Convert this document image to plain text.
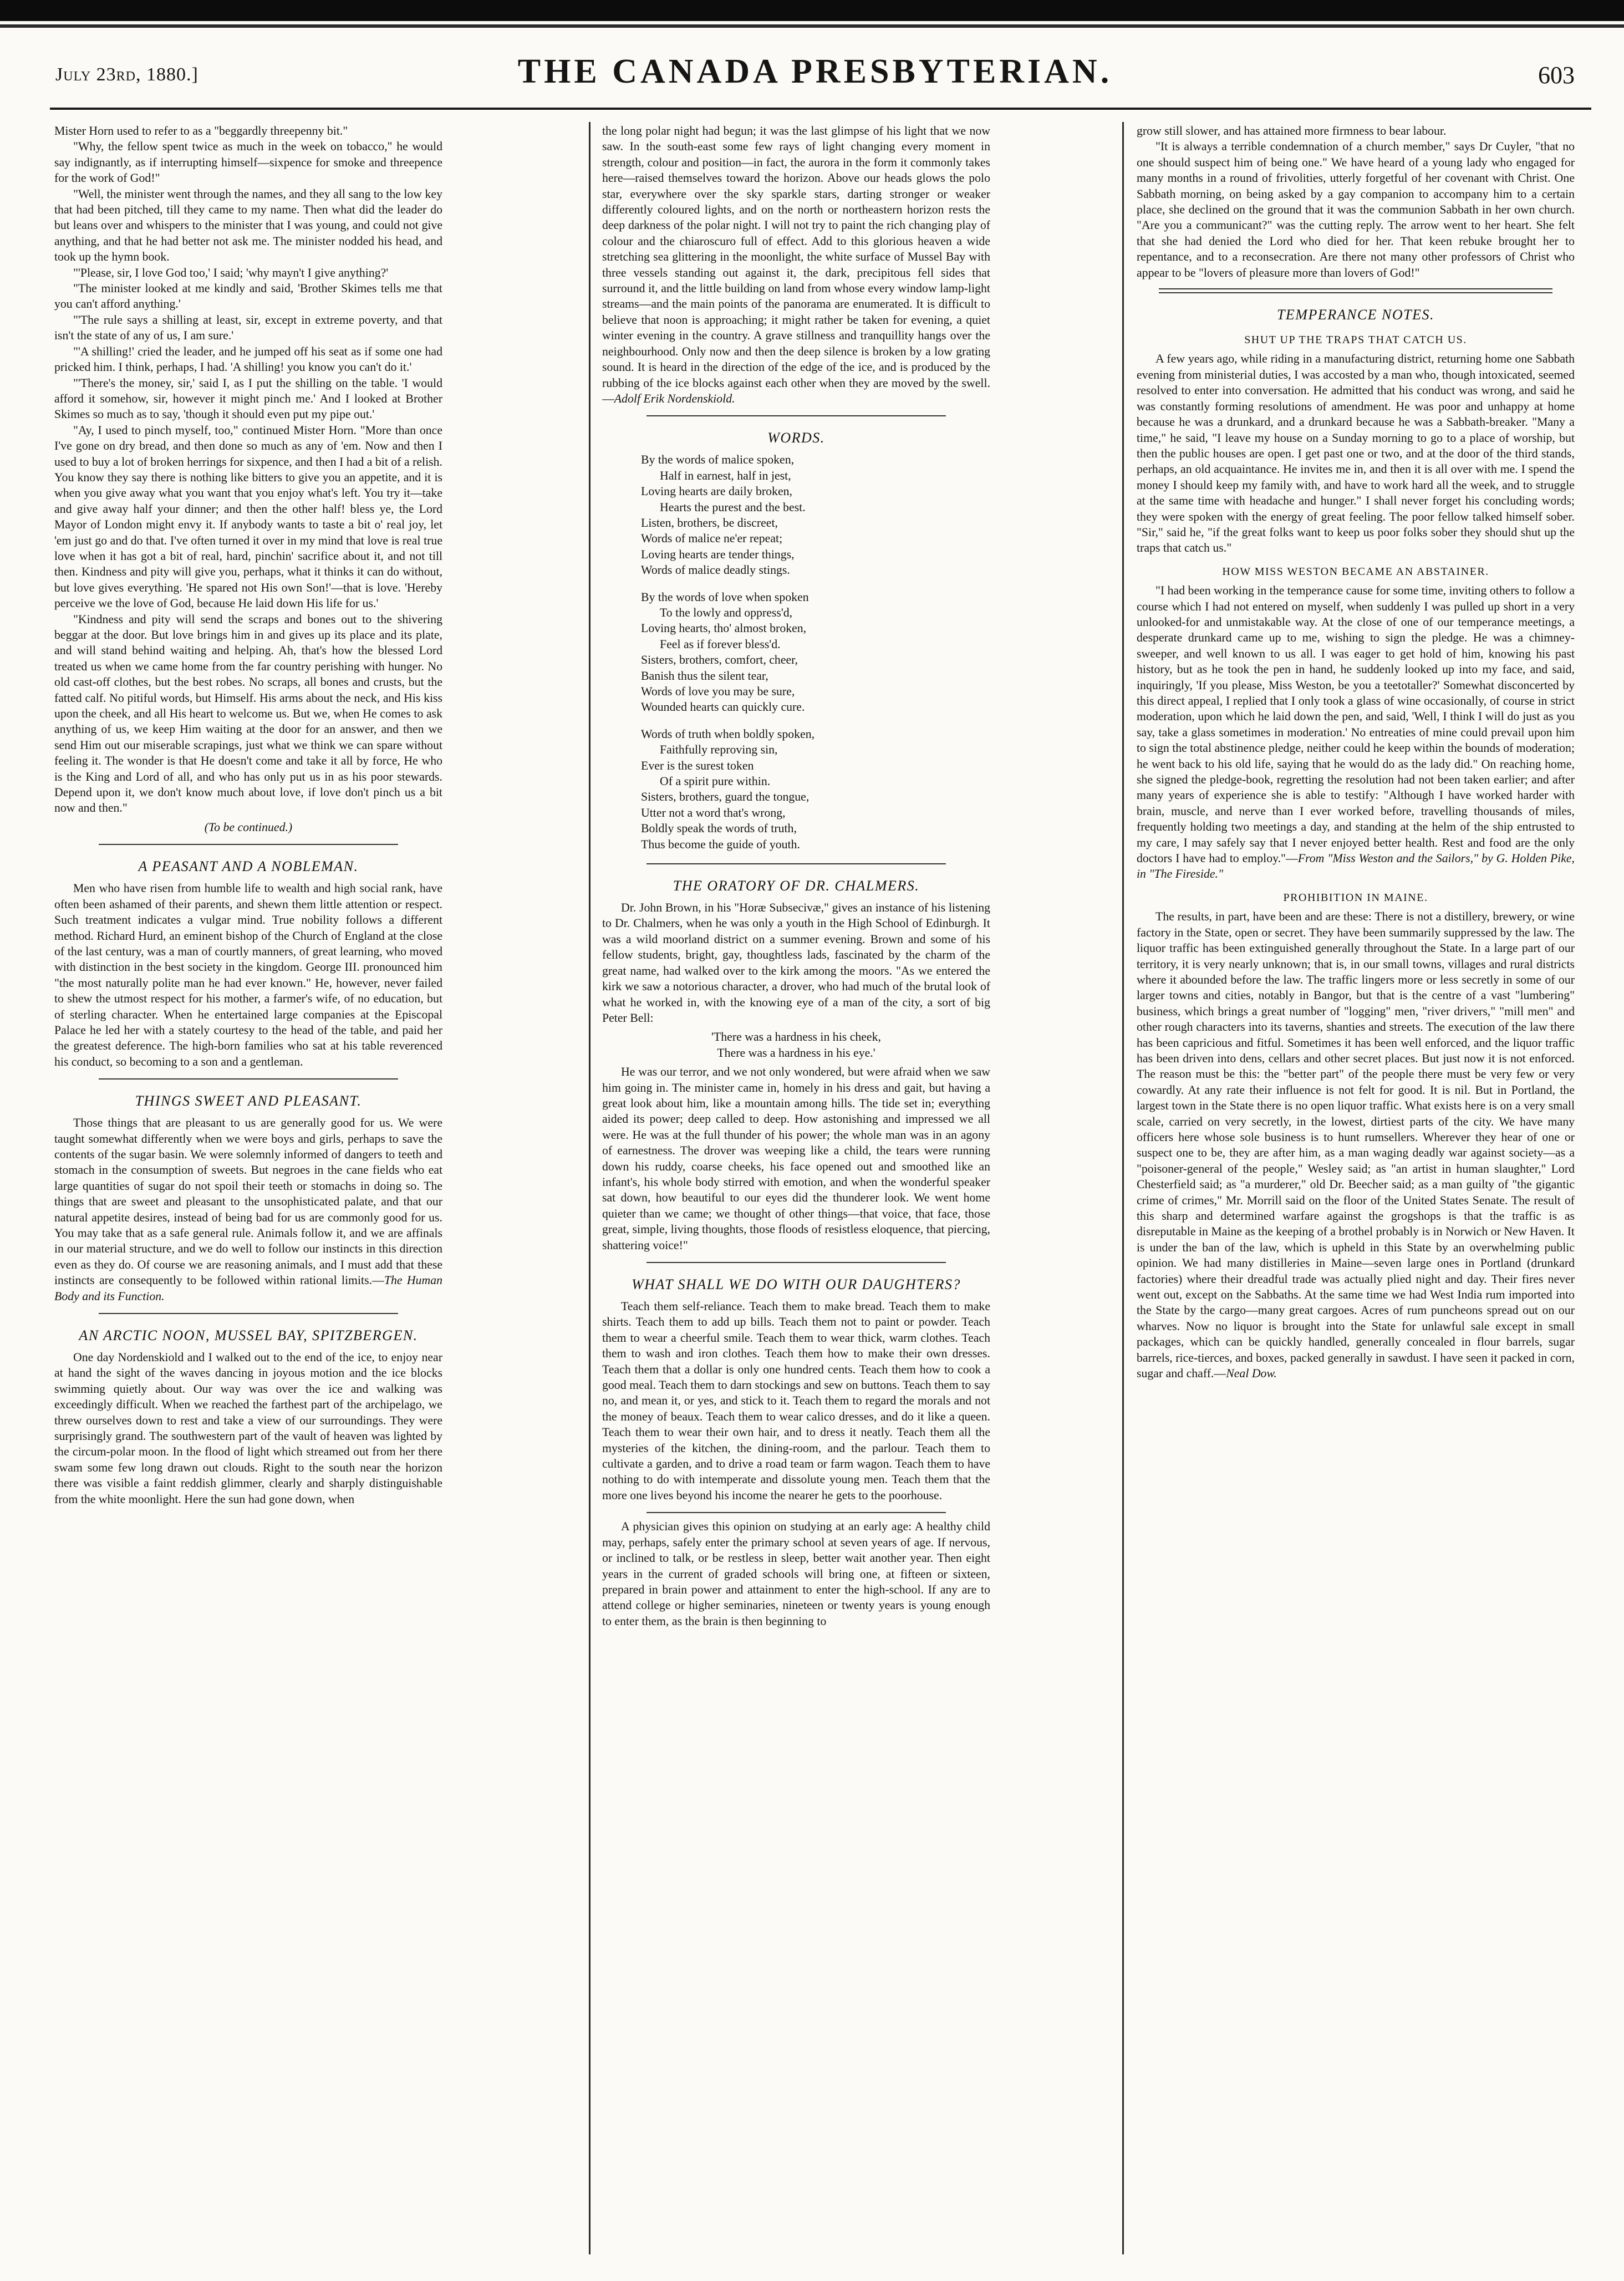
July 23rd, 1880.]	THE CANADA PRESBYTERIAN.	603

Mister Horn used to refer to as a "beggardly threepenny bit."

"Why, the fellow spent twice as much in the week on tobacco," he would say indignantly, as if interrupting himself—sixpence for smoke and threepence for the work of God!"

"Well, the minister went through the names, and they all sang to the low key that had been pitched, till they came to my name. Then what did the leader do but leans over and whispers to the minister that I was young, and could not give anything, and that he had better not ask me. The minister nodded his head, and took up the hymn book.

"'Please, sir, I love God too,' I said; 'why mayn't I give anything?'

"The minister looked at me kindly and said, 'Brother Skimes tells me that you can't afford anything.'

"'The rule says a shilling at least, sir, except in extreme poverty, and that isn't the state of any of us, I am sure.'

"'A shilling!' cried the leader, and he jumped off his seat as if some one had pricked him. I think, perhaps, I had. 'A shilling! you know you can't do it.'

"'There's the money, sir,' said I, as I put the shilling on the table. 'I would afford it somehow, sir, however it might pinch me.' And I looked at Brother Skimes so much as to say, 'though it should even put my pipe out.'

"Ay, I used to pinch myself, too," continued Mister Horn. "More than once I've gone on dry bread, and then done so much as any of 'em. Now and then I used to buy a lot of broken herrings for sixpence, and then I had a bit of a relish. You know they say there is nothing like bitters to give you an appetite, and it is when you give away what you want that you enjoy what's left. You try it—take and give away half your dinner; and then the other half! bless ye, the Lord Mayor of London might envy it. If anybody wants to taste a bit o' real joy, let 'em just go and do that. I've often turned it over in my mind that love is real true love when it has got a bit of real, hard, pinchin' sacrifice about it, and not till then. Kindness and pity will give you, perhaps, what it thinks it can do without, but love gives everything. 'He spared not His own Son!'—that is love. 'Hereby perceive we the love of God, because He laid down His life for us.'

"Kindness and pity will send the scraps and bones out to the shivering beggar at the door. But love brings him in and gives up its place and its plate, and will stand behind waiting and helping. Ah, that's how the blessed Lord treated us when we came home from the far country perishing with hunger. No old cast-off clothes, but the best robes. No scraps, all bones and crusts, but the fatted calf. No pitiful words, but Himself. His arms about the neck, and His kiss upon the cheek, and all His heart to welcome us. But we, when He comes to ask anything of us, we keep Him waiting at the door for an answer, and then we send Him out our miserable scrapings, just what we think we can spare without feeling it. The wonder is that He doesn't come and take it all by force, He who is the King and Lord of all, and who has only put us in as his poor stewards. Depend upon it, we don't know much about love, if love don't pinch us a bit now and then."

(To be continued.)
A PEASANT AND A NOBLEMAN.

Men who have risen from humble life to wealth and high social rank, have often been ashamed of their parents, and shewn them little attention or respect. Such treatment indicates a vulgar mind. True nobility follows a different method. Richard Hurd, an eminent bishop of the Church of England at the close of the last century, was a man of courtly manners, of great learning, who moved with distinction in the best society in the kingdom. George III. pronounced him "the most naturally polite man he had ever known." He, however, never failed to shew the utmost respect for his mother, a farmer's wife, of no education, but of sterling character. When he entertained large companies at the Episcopal Palace he led her with a stately courtesy to the head of the table, and paid her the greatest deference. The high-born families who sat at his table reverenced his conduct, so becoming to a son and a gentleman.

THINGS SWEET AND PLEASANT.

Those things that are pleasant to us are generally good for us. We were taught somewhat differently when we were boys and girls, perhaps to save the contents of the sugar basin. We were solemnly informed of dangers to teeth and stomach in the consumption of sweets. But negroes in the cane fields who eat large quantities of sugar do not spoil their teeth or stomachs in doing so. The things that are sweet and pleasant to the unsophisticated palate, and that our natural appetite desires, instead of being bad for us are commonly good for us. You may take that as a safe general rule. Animals follow it, and we are affinals in our material structure, and we do well to follow our instincts in this direction even as they do. Of course we are reasoning animals, and I must add that these instincts are consequently to be followed within rational limits.—The Human Body and its Function.

AN ARCTIC NOON, MUSSEL BAY, SPITZBERGEN.

One day Nordenskiold and I walked out to the end of the ice, to enjoy near at hand the sight of the waves dancing in joyous motion and the ice blocks swimming quietly about. Our way was over the ice and walking was exceedingly difficult. When we reached the farthest part of the archipelago, we threw ourselves down to rest and take a view of our surroundings. They were surprisingly grand. The southwestern part of the vault of heaven was lighted by the circum-polar moon. In the flood of light which streamed out from her there swam some few long drawn out clouds. Right to the south near the horizon there was visible a faint reddish glimmer, clearly and sharply distinguishable from the white moonlight. Here the sun had gone down, when

the long polar night had begun; it was the last glimpse of his light that we now saw. In the south-east some few rays of light changing every moment in strength, colour and position—in fact, the aurora in the form it commonly takes here—raised themselves toward the horizon. Above our heads glows the polo star, everywhere over the sky sparkle stars, darting stronger or weaker differently coloured lights, and on the north or northeastern horizon rests the deep darkness of the polar night. I will not try to paint the rich changing play of colour and the chiaroscuro full of effect. Add to this glorious heaven a wide stretching sea glittering in the moonlight, the white surface of Mussel Bay with three vessels standing out against it, the dark, precipitous fell sides that surround it, and the little building on land from whose every window lamp-light streams—and the main points of the panorama are enumerated. It is difficult to believe that noon is approaching; it might rather be taken for evening, a quiet winter evening in the country. A grave stillness and tranquillity hangs over the neighbourhood. Only now and then the deep silence is broken by a low grating sound. It is heard in the direction of the edge of the ice, and is produced by the rubbing of the ice blocks against each other when they are moved by the swell.—Adolf Erik Nordenskiold.

WORDS.
By the words of malice spoken,
Half in earnest, half in jest,
Loving hearts are daily broken,
Hearts the purest and the best.
Listen, brothers, be discreet,
Words of malice ne'er repeat;
Loving hearts are tender things,
Words of malice deadly stings.
By the words of love when spoken
To the lowly and oppress'd,
Loving hearts, tho' almost broken,
Feel as if forever bless'd.
Sisters, brothers, comfort, cheer,
Banish thus the silent tear,
Words of love you may be sure,
Wounded hearts can quickly cure.
Words of truth when boldly spoken,
Faithfully reproving sin,
Ever is the surest token
Of a spirit pure within.
Sisters, brothers, guard the tongue,
Utter not a word that's wrong,
Boldly speak the words of truth,
Thus become the guide of youth.
THE ORATORY OF DR. CHALMERS.

Dr. John Brown, in his "Horæ Subsecivæ," gives an instance of his listening to Dr. Chalmers, when he was only a youth in the High School of Edinburgh. It was a wild moorland district on a summer evening. Brown and some of his fellow students, bright, gay, thoughtless lads, fascinated by the charm of the great name, had walked over to the kirk among the moors. "As we entered the kirk we saw a notorious character, a drover, who had much of the brutal look of what he worked in, with the knowing eye of a man of the city, a sort of big Peter Bell:

'There was a hardness in his cheek,
There was a hardness in his eye.'

He was our terror, and we not only wondered, but were afraid when we saw him going in. The minister came in, homely in his dress and gait, but having a great look about him, like a mountain among hills. The tide set in; everything aided its power; deep called to deep. How astonishing and impressed we all were. He was at the full thunder of his power; the whole man was in an agony of earnestness. The drover was weeping like a child, the tears were running down his ruddy, coarse cheeks, his face opened out and smoothed like an infant's, his whole body stirred with emotion, and when the wonderful speaker sat down, how beautiful to our eyes did the thunderer look. We went home quieter than we came; we thought of other things—that voice, that face, those great, simple, living thoughts, those floods of resistless eloquence, that piercing, shattering voice!"

WHAT SHALL WE DO WITH OUR DAUGHTERS?

Teach them self-reliance. Teach them to make bread. Teach them to make shirts. Teach them to add up bills. Teach them not to paint or powder. Teach them to wear a cheerful smile. Teach them to wear thick, warm clothes. Teach them to wash and iron clothes. Teach them how to make their own dresses. Teach them that a dollar is only one hundred cents. Teach them how to cook a good meal. Teach them to darn stockings and sew on buttons. Teach them to say no, and mean it, or yes, and stick to it. Teach them to regard the morals and not the money of beaux. Teach them to wear calico dresses, and do it like a queen. Teach them to wear their own hair, and to dress it neatly. Teach them all the mysteries of the kitchen, the dining-room, and the parlour. Teach them to cultivate a garden, and to drive a road team or farm wagon. Teach them to have nothing to do with intemperate and dissolute young men. Teach them that the more one lives beyond his income the nearer he gets to the poorhouse.

A physician gives this opinion on studying at an early age: A healthy child may, perhaps, safely enter the primary school at seven years of age. If nervous, or inclined to talk, or be restless in sleep, better wait another year. Then eight years in the current of graded schools will bring one, at fifteen or sixteen, prepared in brain power and attainment to enter the high-school. If any are to attend college or higher seminaries, nineteen or twenty years is young enough to enter them, as the brain is then beginning to

grow still slower, and has attained more firmness to bear labour.

"It is always a terrible condemnation of a church member," says Dr Cuyler, "that no one should suspect him of being one." We have heard of a young lady who engaged for many months in a round of frivolities, utterly forgetful of her covenant with Christ. One Sabbath morning, on being asked by a gay companion to accompany him to a certain place, she declined on the ground that it was the communion Sabbath in her own church. "Are you a communicant?" was the cutting reply. The arrow went to her heart. She felt that she had denied the Lord who died for her. That keen rebuke brought her to repentance, and to a reconsecration. Are there not many other professors of Christ who appear to be "lovers of pleasure more than lovers of God!"

TEMPERANCE NOTES.
SHUT UP THE TRAPS THAT CATCH US.

A few years ago, while riding in a manufacturing district, returning home one Sabbath evening from ministerial duties, I was accosted by a man who, though intoxicated, seemed resolved to enter into conversation. He admitted that his conduct was wrong, and said he was constantly forming resolutions of amendment. He was poor and unhappy at home because he was a drunkard, and a drunkard because he was a Sabbath-breaker. "Many a time," he said, "I leave my house on a Sunday morning to go to a place of worship, but then the public houses are open. I get past one or two, and at the door of the third stands, perhaps, an old acquaintance. He invites me in, and then it is all over with me. I spend the money I should keep my family with, and have to work hard all the week, and to struggle at the same time with headache and hunger." I shall never forget his concluding words; they were spoken with the energy of great feeling. The poor fellow talked himself sober. "Sir," said he, "if the great folks want to keep us poor folks sober they should shut up the traps that catch us."

HOW MISS WESTON BECAME AN ABSTAINER.

"I had been working in the temperance cause for some time, inviting others to follow a course which I had not entered on myself, when suddenly I was pulled up short in a very unlooked-for and unmistakable way. At the close of one of our temperance meetings, a desperate drunkard came up to me, wishing to sign the pledge. He was a chimney-sweeper, and well known to us all. I was eager to get hold of him, knowing his past history, but as he took the pen in hand, he suddenly looked up into my face, and said, inquiringly, 'If you please, Miss Weston, be you a teetotaller?' Somewhat disconcerted by this direct appeal, I replied that I only took a glass of wine occasionally, of course in strict moderation, upon which he laid down the pen, and said, 'Well, I think I will do just as you say, take a glass sometimes in moderation.' No entreaties of mine could prevail upon him to sign the total abstinence pledge, neither could he keep within the bounds of moderation; he went back to his old life, saying that he would do as the lady did." On reaching home, she signed the pledge-book, regretting the resolution had not been taken earlier; and after many years of experience she is able to testify: "Although I have worked harder with brain, muscle, and nerve than I ever worked before, travelling thousands of miles, frequently holding two meetings a day, and standing at the helm of the ship entrusted to my care, I may safely say that I never enjoyed better health. Rest and food are the only doctors I have had to employ."—From "Miss Weston and the Sailors," by G. Holden Pike, in "The Fireside."

PROHIBITION IN MAINE.

The results, in part, have been and are these: There is not a distillery, brewery, or wine factory in the State, open or secret. They have been summarily suppressed by the law. The liquor traffic has been extinguished generally throughout the State. In a large part of our territory, it is very nearly unknown; that is, in our small towns, villages and rural districts where it abounded before the law. The traffic lingers more or less secretly in some of our larger towns and cities, notably in Bangor, but that is the centre of a vast "lumbering" business, which brings a great number of "logging" men, "river drivers," "mill men" and other rough characters into its taverns, shanties and streets. The execution of the law there has been capricious and fitful. Sometimes it has been well enforced, and the liquor traffic has been driven into dens, cellars and other secret places. But just now it is not enforced. The reason must be this: the "better part" of the people there must be very few or very cowardly. At any rate their influence is not felt for good. It is nil. But in Portland, the largest town in the State there is no open liquor traffic. What exists here is on a very small scale, carried on very secretly, in the lowest, dirtiest parts of the city. We have many officers here whose sole business is to hunt rumsellers. Wherever they hear of one or suspect one to be, they are after him, as a man waging deadly war against society—as a "poisoner-general of the people," Wesley said; as "an artist in human slaughter," Lord Chesterfield said; as "a murderer," old Dr. Beecher said; as a man guilty of "the gigantic crime of crimes," Mr. Morrill said on the floor of the United States Senate. The result of this sharp and determined warfare against the grogshops is that the traffic is as disreputable in Maine as the keeping of a brothel probably is in Norwich or New Haven. It is under the ban of the law, which is upheld in this State by an overwhelming public opinion. We had many distilleries in Maine—seven large ones in Portland (drunkard factories) where their dreadful trade was actually plied night and day. Their fires never went out, except on the Sabbaths. At the same time we had West India rum imported into the State by the cargo—many great cargoes. Acres of rum puncheons spread out on our wharves. Now no liquor is brought into the State for unlawful sale except in small packages, which can be quickly handled, generally concealed in flour barrels, sugar barrels, rice-tierces, and boxes, packed generally in sawdust. I have seen it packed in corn, sugar and chaff.—Neal Dow.
